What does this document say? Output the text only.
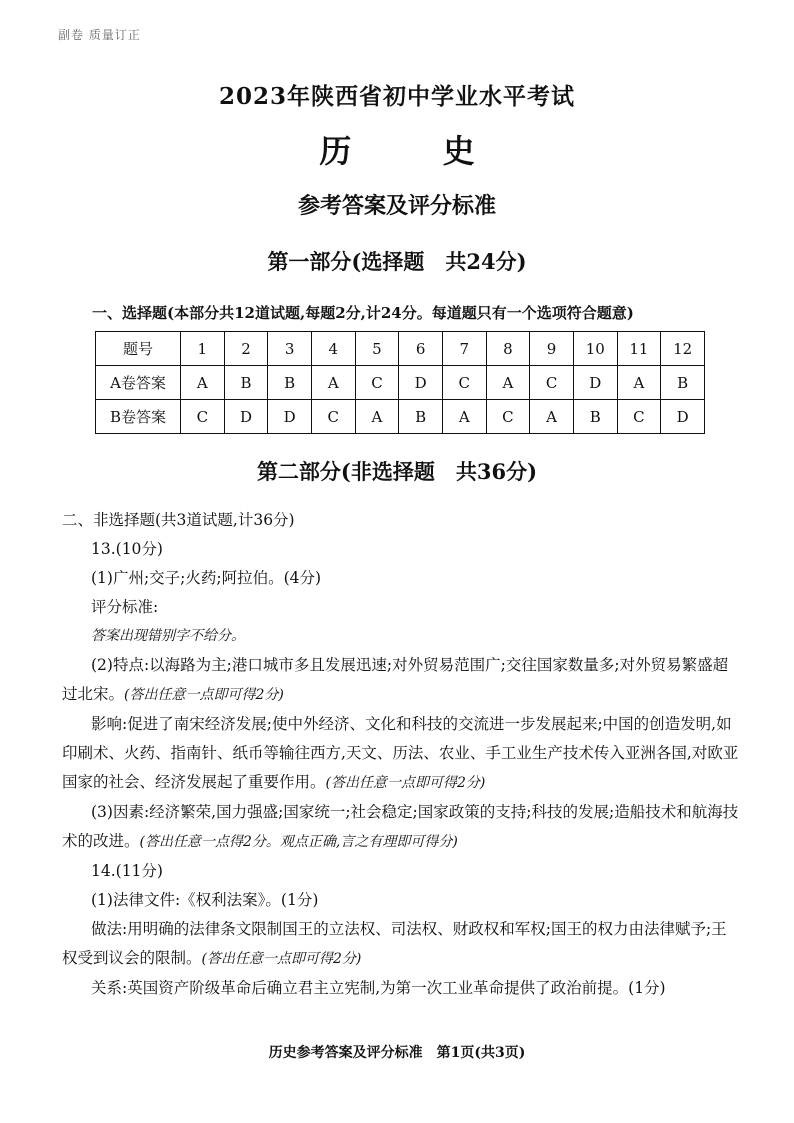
副卷 质量订正
2023年陕西省初中学业水平考试
历 史
参考答案及评分标准
第一部分(选择题　共24分)
一、选择题(本部分共12道试题,每题2分,计24分。每道题只有一个选项符合题意)
题号	1	2	3	4	5	6	7	8	9	10	11	12
A卷答案	A	B	B	A	C	D	C	A	C	D	A	B
B卷答案	C	D	D	C	A	B	A	C	A	B	C	D
第二部分(非选择题　共36分)

二、非选择题(共3道试题,计36分)

13.(10分)

(1)广州;交子;火药;阿拉伯。(4分)

评分标准:

答案出现错别字不给分。

(2)特点:以海路为主;港口城市多且发展迅速;对外贸易范围广;交往国家数量多;对外贸易繁盛超过北宋。(答出任意一点即可得2分)

影响:促进了南宋经济发展;使中外经济、文化和科技的交流进一步发展起来;中国的创造发明,如印刷术、火药、指南针、纸币等输往西方,天文、历法、农业、手工业生产技术传入亚洲各国,对欧亚国家的社会、经济发展起了重要作用。(答出任意一点即可得2分)

(3)因素:经济繁荣,国力强盛;国家统一;社会稳定;国家政策的支持;科技的发展;造船技术和航海技术的改进。(答出任意一点得2分。观点正确,言之有理即可得分)

14.(11分)

(1)法律文件:《权利法案》。(1分)

做法:用明确的法律条文限制国王的立法权、司法权、财政权和军权;国王的权力由法律赋予;王权受到议会的限制。(答出任意一点即可得2分)

关系:英国资产阶级革命后确立君主立宪制,为第一次工业革命提供了政治前提。(1分)

历史参考答案及评分标准　第1页(共3页)
